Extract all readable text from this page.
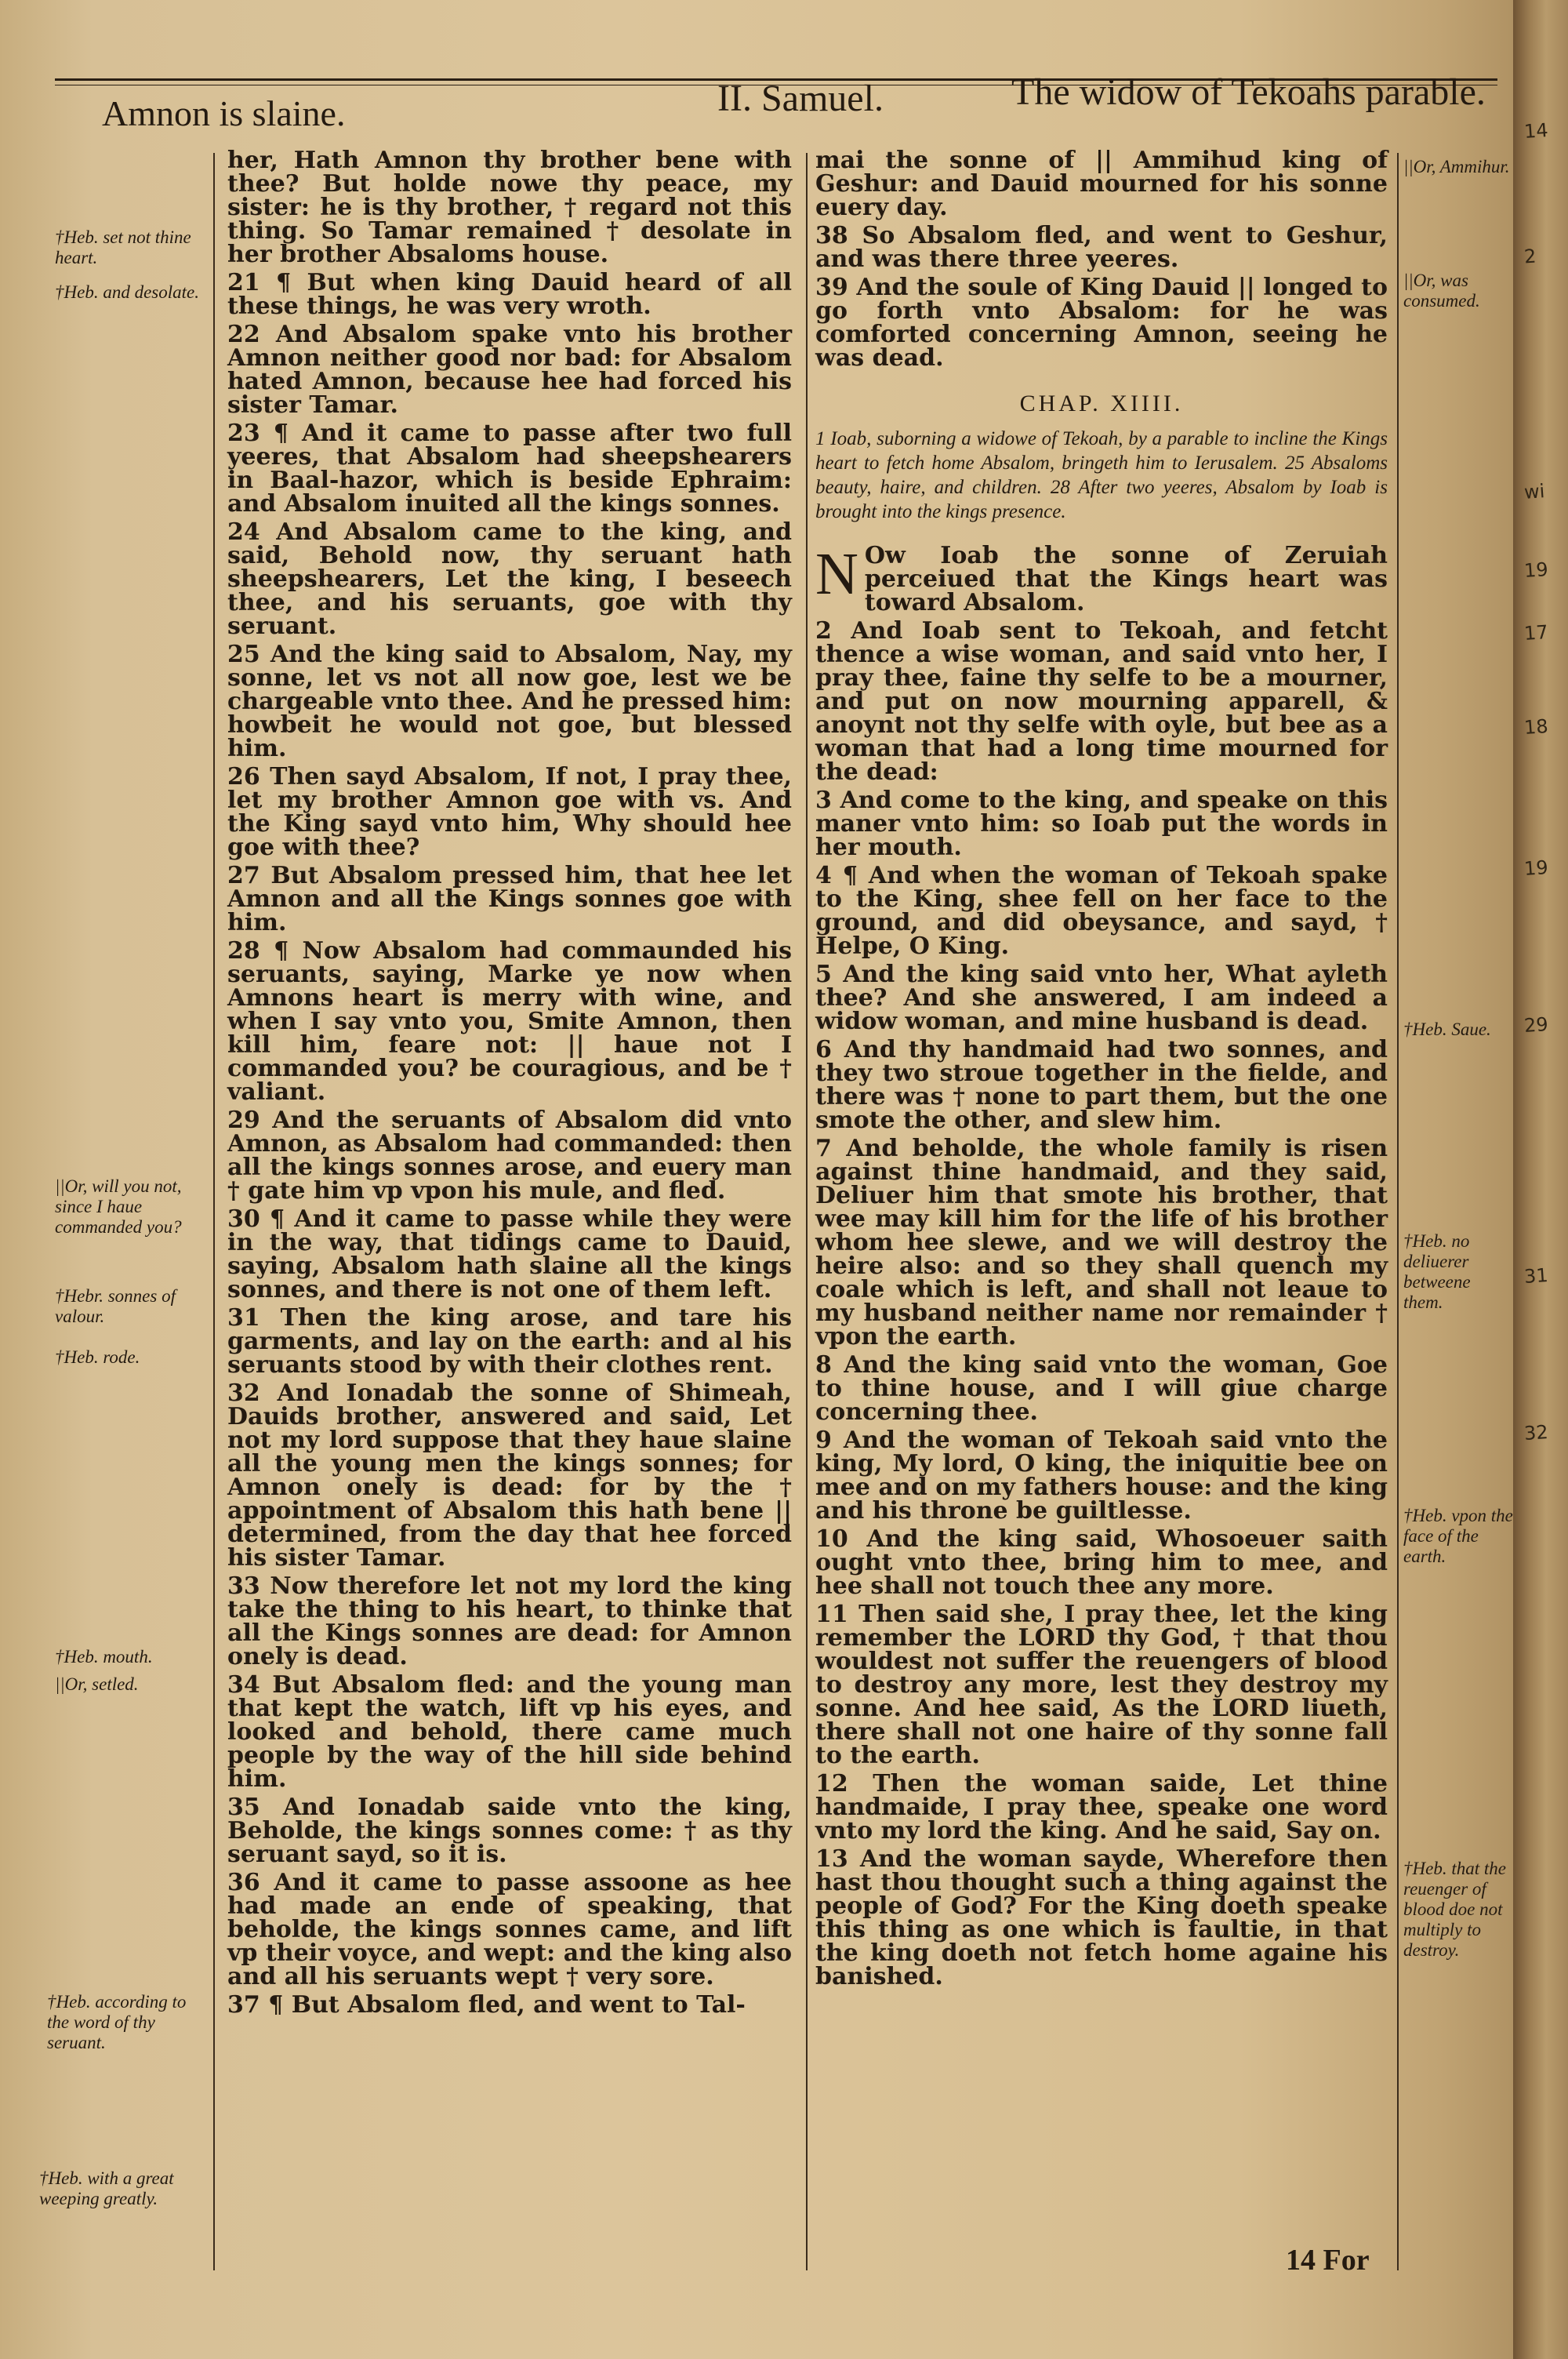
Amnon is slaine.	II. Samuel.	The widow of Tekoahs parable.
†Heb. set not thine heart.
†Heb. and desolate.
||Or, will you not, since I haue commanded you?
†Hebr. sonnes of valour.
†Heb. rode.
†Heb. mouth.
||Or, setled.
†Heb. according to the word of thy seruant.
†Heb. with a great weeping greatly.

her, Hath Amnon thy brother bene with thee? But holde nowe thy peace, my sister: he is thy brother, † regard not this thing. So Tamar remained † desolate in her brother Absaloms house.

21 ¶ But when king Dauid heard of all these things, he was very wroth.

22 And Absalom spake vnto his brother Amnon neither good nor bad: for Absalom hated Amnon, because hee had forced his sister Tamar.

23 ¶ And it came to passe after two full yeeres, that Absalom had sheepshearers in Baal-hazor, which is beside Ephraim: and Absalom inuited all the kings sonnes.

24 And Absalom came to the king, and said, Behold now, thy seruant hath sheepshearers, Let the king, I beseech thee, and his seruants, goe with thy seruant.

25 And the king said to Absalom, Nay, my sonne, let vs not all now goe, lest we be chargeable vnto thee. And he pressed him: howbeit he would not goe, but blessed him.

26 Then sayd Absalom, If not, I pray thee, let my brother Amnon goe with vs. And the King sayd vnto him, Why should hee goe with thee?

27 But Absalom pressed him, that hee let Amnon and all the Kings sonnes goe with him.

28 ¶ Now Absalom had commaunded his seruants, saying, Marke ye now when Amnons heart is merry with wine, and when I say vnto you, Smite Amnon, then kill him, feare not: || haue not I commanded you? be couragious, and be † valiant.

29 And the seruants of Absalom did vnto Amnon, as Absalom had commanded: then all the kings sonnes arose, and euery man † gate him vp vpon his mule, and fled.

30 ¶ And it came to passe while they were in the way, that tidings came to Dauid, saying, Absalom hath slaine all the kings sonnes, and there is not one of them left.

31 Then the king arose, and tare his garments, and lay on the earth: and al his seruants stood by with their clothes rent.

32 And Ionadab the sonne of Shimeah, Dauids brother, answered and said, Let not my lord suppose that they haue slaine all the young men the kings sonnes; for Amnon onely is dead: for by the † appointment of Absalom this hath bene || determined, from the day that hee forced his sister Tamar.

33 Now therefore let not my lord the king take the thing to his heart, to thinke that all the Kings sonnes are dead: for Amnon onely is dead.

34 But Absalom fled: and the young man that kept the watch, lift vp his eyes, and looked and behold, there came much people by the way of the hill side behind him.

35 And Ionadab saide vnto the king, Beholde, the kings sonnes come: † as thy seruant sayd, so it is.

36 And it came to passe assoone as hee had made an ende of speaking, that beholde, the kings sonnes came, and lift vp their voyce, and wept: and the king also and all his seruants wept † very sore.

37 ¶ But Absalom fled, and went to Tal-

mai the sonne of || Ammihud king of Geshur: and Dauid mourned for his sonne euery day.

38 So Absalom fled, and went to Geshur, and was there three yeeres.

39 And the soule of King Dauid || longed to go forth vnto Absalom: for he was comforted concerning Amnon, seeing he was dead.

CHAP. XIIII.

1 Ioab, suborning a widowe of Tekoah, by a parable to incline the Kings heart to fetch home Absalom, bringeth him to Ierusalem. 25 Absaloms beauty, haire, and children. 28 After two yeeres, Absalom by Ioab is brought into the kings presence.

N Ow Ioab the sonne of Zeruiah perceiued that the Kings heart was toward Absalom.

2 And Ioab sent to Tekoah, and fetcht thence a wise woman, and said vnto her, I pray thee, faine thy selfe to be a mourner, and put on now mourning apparell, & anoynt not thy selfe with oyle, but bee as a woman that had a long time mourned for the dead:

3 And come to the king, and speake on this maner vnto him: so Ioab put the words in her mouth.

4 ¶ And when the woman of Tekoah spake to the King, shee fell on her face to the ground, and did obeysance, and sayd, † Helpe, O King.

5 And the king said vnto her, What ayleth thee? And she answered, I am indeed a widow woman, and mine husband is dead.

6 And thy handmaid had two sonnes, and they two stroue together in the fielde, and there was † none to part them, but the one smote the other, and slew him.

7 And beholde, the whole family is risen against thine handmaid, and they said, Deliuer him that smote his brother, that wee may kill him for the life of his brother whom hee slewe, and we will destroy the heire also: and so they shall quench my coale which is left, and shall not leaue to my husband neither name nor remainder † vpon the earth.

8 And the king said vnto the woman, Goe to thine house, and I will giue charge concerning thee.

9 And the woman of Tekoah said vnto the king, My lord, O king, the iniquitie bee on mee and on my fathers house: and the king and his throne be guiltlesse.

10 And the king said, Whosoeuer saith ought vnto thee, bring him to mee, and hee shall not touch thee any more.

11 Then said she, I pray thee, let the king remember the LORD thy God, † that thou wouldest not suffer the reuengers of blood to destroy any more, lest they destroy my sonne. And hee said, As the LORD liueth, there shall not one haire of thy sonne fall to the earth.

12 Then the woman saide, Let thine handmaide, I pray thee, speake one word vnto my lord the king. And he said, Say on.

13 And the woman sayde, Wherefore then hast thou thought such a thing against the people of God? For the King doeth speake this thing as one which is faultie, in that the king doeth not fetch home againe his banished.

||Or, Ammihur.
||Or, was consumed.
†Heb. Saue.
†Heb. no deliuerer betweene them.
†Heb. vpon the face of the earth.
†Heb. that the reuenger of blood doe not multiply to destroy.
14 For
14
2
wi
19
17
18
19
29
31
32
